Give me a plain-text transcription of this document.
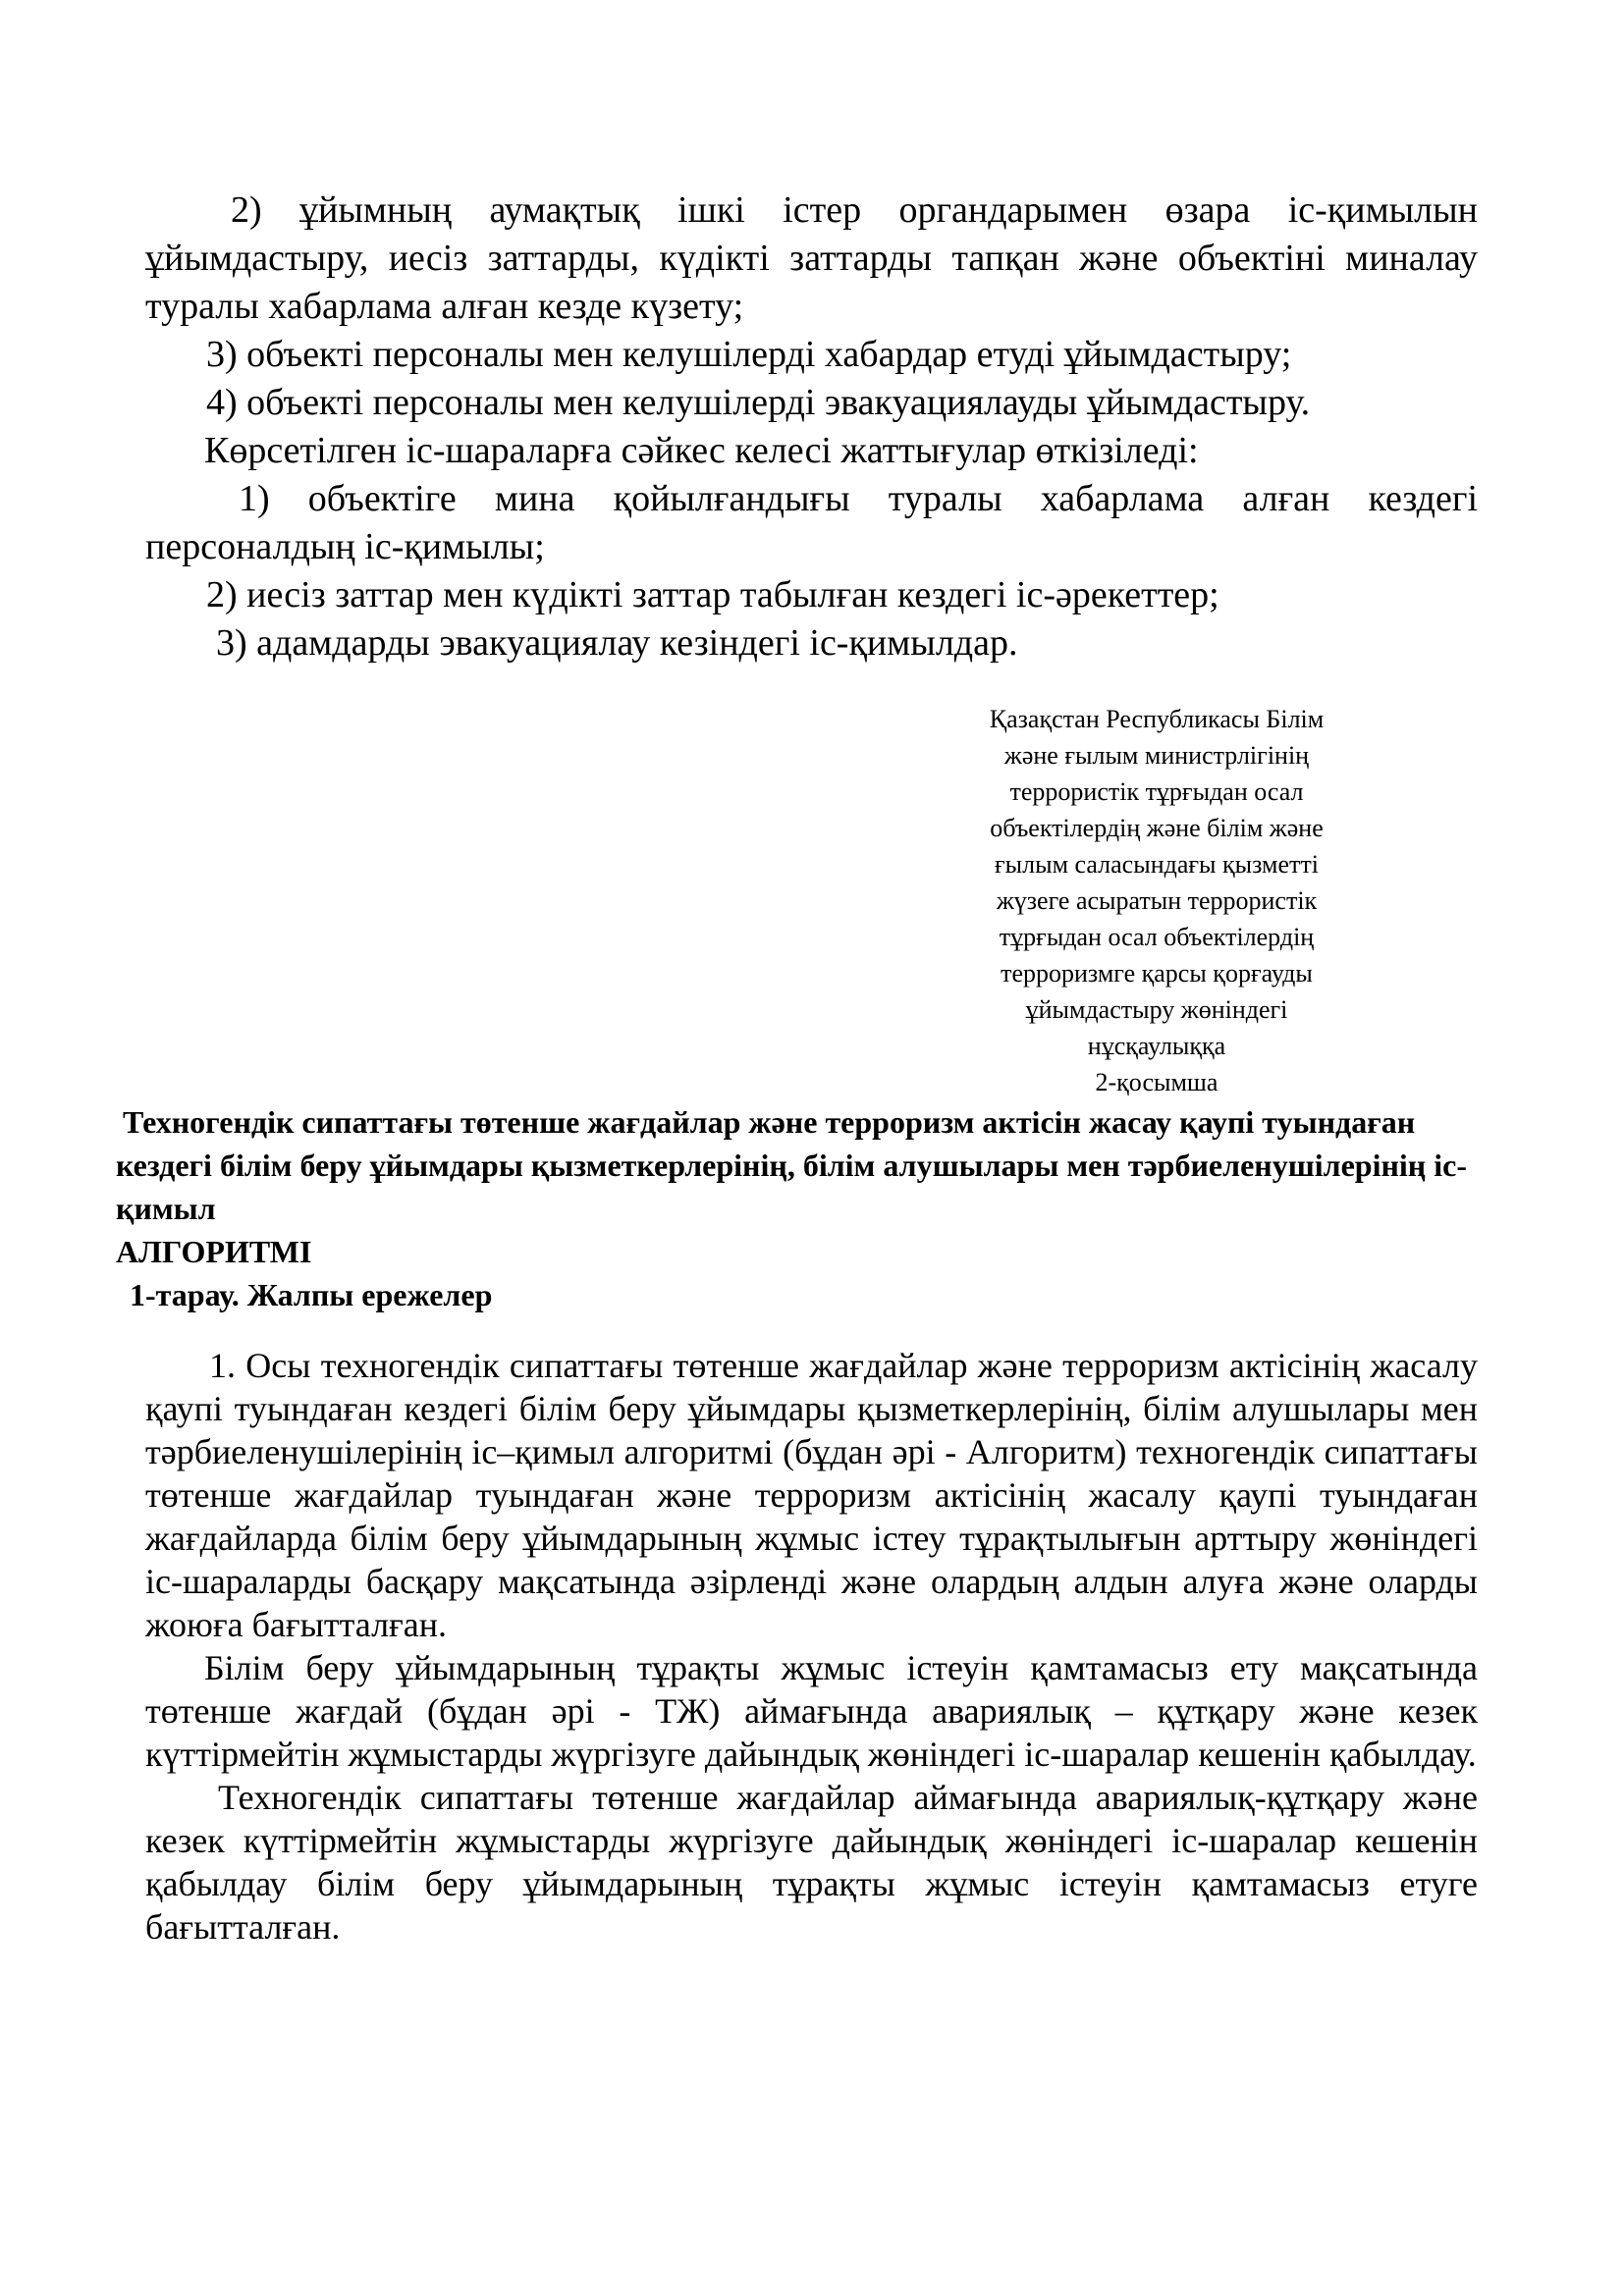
2) ұйымның аумақтық ішкі істер органдарымен өзара іс-қимылын ұйымдастыру, иесіз заттарды, күдікті заттарды тапқан және объектіні миналау туралы хабарлама алған кезде күзету;

3) объекті персоналы мен келушілерді хабардар етуді ұйымдастыру;

4) объекті персоналы мен келушілерді эвакуациялауды ұйымдастыру.

Көрсетілген іс-шараларға сәйкес келесі жаттығулар өткізіледі:

1) объектіге мина қойылғандығы туралы хабарлама алған кездегі персоналдың іс-қимылы;

2) иесіз заттар мен күдікті заттар табылған кездегі іс-әрекеттер;

3) адамдарды эвакуациялау кезіндегі іс-қимылдар.

Қазақстан Республикасы Білім
және ғылым министрлігінің
террористік тұрғыдан осал
объектілердің және білім және
ғылым саласындағы қызметті
жүзеге асыратын террористік
тұрғыдан осал объектілердің
терроризмге қарсы қорғауды
ұйымдастыру жөніндегі
нұсқаулыққа
2-қосымша

Техногендік сипаттағы төтенше жағдайлар және терроризм актісін жасау қаупі туындаған кездегі білім беру ұйымдары қызметкерлерінің, білім алушылары мен тәрбиеленушілерінің іс-қимыл

АЛГОРИТМІ

1-тарау. Жалпы ережелер

1. Осы техногендік сипаттағы төтенше жағдайлар және терроризм актісінің жасалу қаупі туындаған кездегі білім беру ұйымдары қызметкерлерінің, білім алушылары мен тәрбиеленушілерінің іс–қимыл алгоритмі (бұдан әрі - Алгоритм) техногендік сипаттағы төтенше жағдайлар туындаған және терроризм актісінің жасалу қаупі туындаған жағдайларда білім беру ұйымдарының жұмыс істеу тұрақтылығын арттыру жөніндегі іс-шараларды басқару мақсатында әзірленді және олардың алдын алуға және оларды жоюға бағытталған.

Білім беру ұйымдарының тұрақты жұмыс істеуін қамтамасыз ету мақсатында төтенше жағдай (бұдан әрі - ТЖ) аймағында авариялық – құтқару және кезек күттірмейтін жұмыстарды жүргізуге дайындық жөніндегі іс-шаралар кешенін қабылдау.

Техногендік сипаттағы төтенше жағдайлар аймағында авариялық-құтқару және кезек күттірмейтін жұмыстарды жүргізуге дайындық жөніндегі іс-шаралар кешенін қабылдау білім беру ұйымдарының тұрақты жұмыс істеуін қамтамасыз етуге бағытталған.
